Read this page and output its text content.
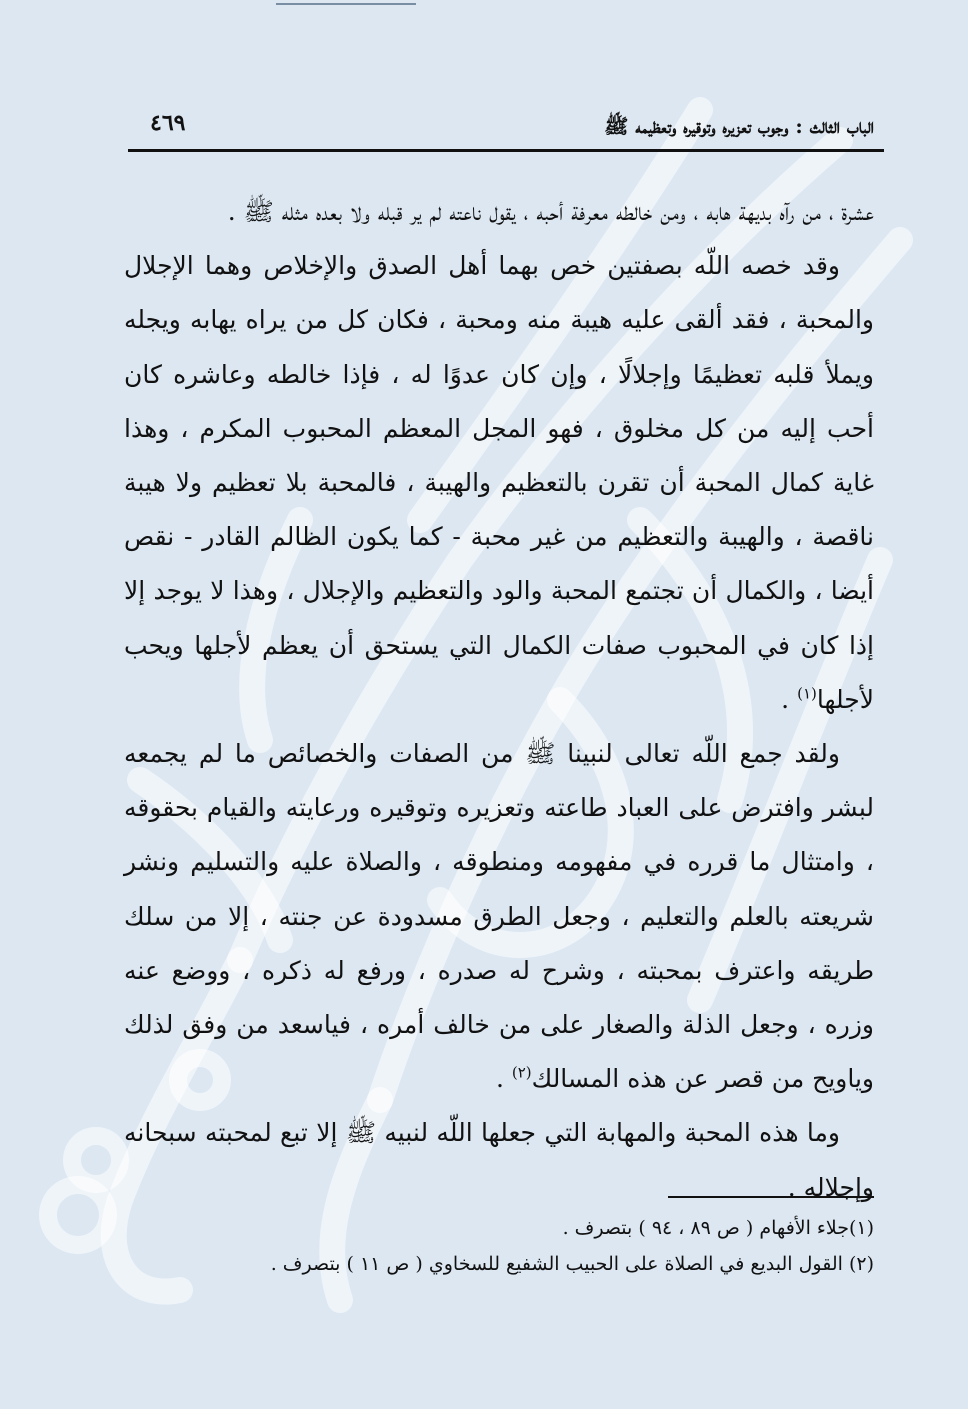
الباب الثالث : وجوب تعزيره وتوقيره وتعظيمه ﷺ
٤٦٩

عشرة ، من رآه بديهة هابه ، ومن خالطه معرفة أحبه ، يقول ناعته لم ير قبله ولا بعده مثله ﷺ .

وقد خصه اللّه بصفتين خص بهما أهل الصدق والإخلاص وهما الإجلال والمحبة ، فقد ألقى عليه هيبة منه ومحبة ، فكان كل من يراه يهابه ويجله ويملأ قلبه تعظيمًا وإجلالًا ، وإن كان عدوًا له ، فإذا خالطه وعاشره كان أحب إليه من كل مخلوق ، فهو المجل المعظم المحبوب المكرم ، وهذا غاية كمال المحبة أن تقرن بالتعظيم والهيبة ، فالمحبة بلا تعظيم ولا هيبة ناقصة ، والهيبة والتعظيم من غير محبة - كما يكون الظالم القادر - نقص أيضا ، والكمال أن تجتمع المحبة والود والتعظيم والإجلال ، وهذا لا يوجد إلا إذا كان في المحبوب صفات الكمال التي يستحق أن يعظم لأجلها ويحب لأجلها$^{(١)}$ .

ولقد جمع اللّه تعالى لنبينا ﷺ من الصفات والخصائص ما لم يجمعه لبشر وافترض على العباد طاعته وتعزيره وتوقيره ورعايته والقيام بحقوقه ، وامتثال ما قرره في مفهومه ومنطوقه ، والصلاة عليه والتسليم ونشر شريعته بالعلم والتعليم ، وجعل الطرق مسدودة عن جنته ، إلا من سلك طريقه واعترف بمحبته ، وشرح له صدره ، ورفع له ذكره ، ووضع عنه وزره ، وجعل الذلة والصغار على من خالف أمره ، فياسعد من وفق لذلك وياويح من قصر عن هذه المسالك$^{(٢)}$ .

وما هذه المحبة والمهابة التي جعلها اللّه لنبيه ﷺ إلا تبع لمحبته سبحانه وإجلاله .

(١)جلاء الأفهام ( ص ٨٩ ، ٩٤ ) بتصرف .

(٢) القول البديع في الصلاة على الحبيب الشفيع للسخاوي ( ص ١١ ) بتصرف .
